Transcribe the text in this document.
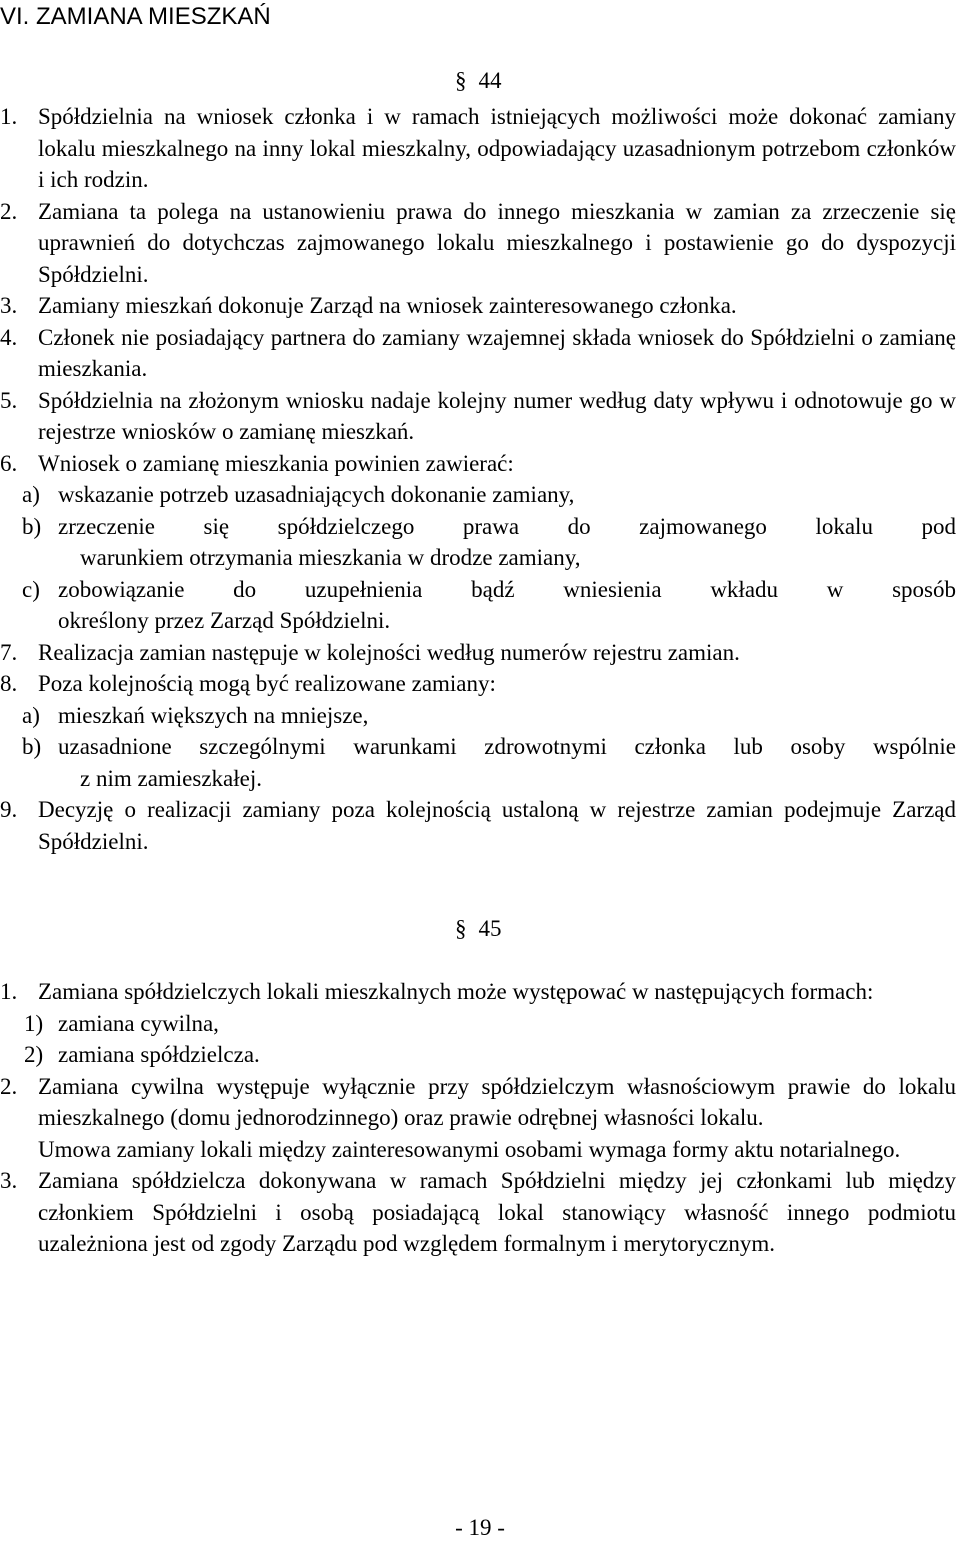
VI. ZAMIANA MIESZKAŃ
§ 44
1. Spółdzielnia na wniosek członka i w ramach istniejących możliwości może dokonać zamiany lokalu mieszkalnego na inny lokal mieszkalny, odpowiadający uzasadnionym potrzebom członków i ich rodzin.
2. Zamiana ta polega na ustanowieniu prawa do innego mieszkania w zamian za zrzeczenie się uprawnień do dotychczas zajmowanego lokalu mieszkalnego i postawienie go do dyspozycji Spółdzielni.
3. Zamiany mieszkań dokonuje Zarząd na wniosek zainteresowanego członka.
4. Członek nie posiadający partnera do zamiany wzajemnej składa wniosek do Spółdzielni o zamianę mieszkania.
5. Spółdzielnia na złożonym wniosku nadaje kolejny numer według daty wpływu i odnotowuje go w rejestrze wniosków o zamianę mieszkań.
6. Wniosek o zamianę mieszkania powinien zawierać:
a) wskazanie potrzeb uzasadniających dokonanie zamiany,
b) zrzeczenie się spółdzielczego prawa do zajmowanego lokalu pod
warunkiem otrzymania mieszkania w drodze zamiany,
c) zobowiązanie do uzupełnienia bądź wniesienia wkładu w sposób
określony przez Zarząd Spółdzielni.
7. Realizacja zamian następuje w kolejności według numerów rejestru zamian.
8. Poza kolejnością mogą być realizowane zamiany:
a) mieszkań większych na mniejsze,
b) uzasadnione szczególnymi warunkami zdrowotnymi członka lub osoby wspólnie
z nim zamieszkałej.
9. Decyzję o realizacji zamiany poza kolejnością ustaloną w rejestrze zamian podejmuje Zarząd Spółdzielni.
§ 45
1. Zamiana spółdzielczych lokali mieszkalnych może występować w następujących formach:
1) zamiana cywilna,
2) zamiana spółdzielcza.
2. Zamiana cywilna występuje wyłącznie przy spółdzielczym własnościowym prawie do lokalu mieszkalnego (domu jednorodzinnego) oraz prawie odrębnej własności lokalu.
Umowa zamiany lokali między zainteresowanymi osobami wymaga formy aktu notarialnego.
3. Zamiana spółdzielcza dokonywana w ramach Spółdzielni między jej członkami lub między członkiem Spółdzielni i osobą posiadającą lokal stanowiący własność innego podmiotu uzależniona jest od zgody Zarządu pod względem formalnym i merytorycznym.
- 19 -
